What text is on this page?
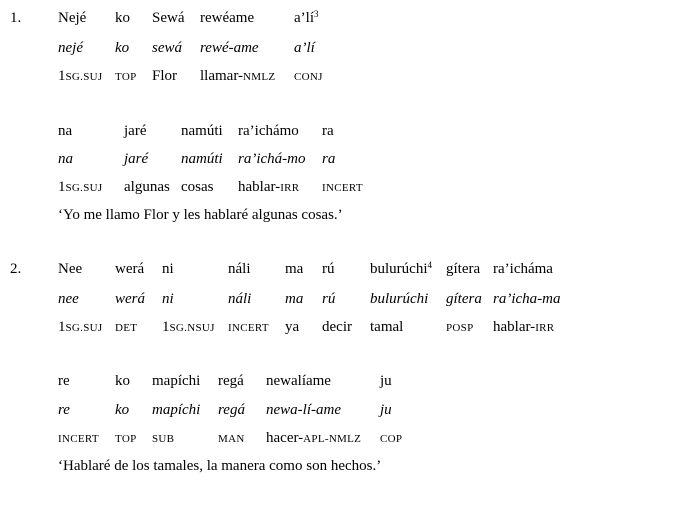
1. Nejé ko Sewá rewéame	$a’lí^3$
nejé ko sewá rewé-ame a’lí
1SG.SUJ TOP Flor llamar-NMLZ CONJ
na	jaré namúti ra’ichámo ra
na	jaré namúti ra’ichá-mo ra
1SG.SUJ algunas cosas hablar-IRR INCERT
‘Yo me llamo Flor y les hablaré algunas cosas.’
2. Nee werá ni	náli ma rú bulurúchi$^4$ gítera ra’icháma
nee werá ni	náli ma rú bulurúchi gítera ra’icha-ma
1SG.SUJ DET 1SG.NSUJ INCERT ya decir tamal	POSP hablar-IRR
re	ko mapíchi regá newalíame	ju
re	ko mapíchi regá newa-lí-ame	ju
INCERT TOP SUB	MAN hacer-APL-NMLZ COP
‘Hablaré de los tamales, la manera como son hechos.’
